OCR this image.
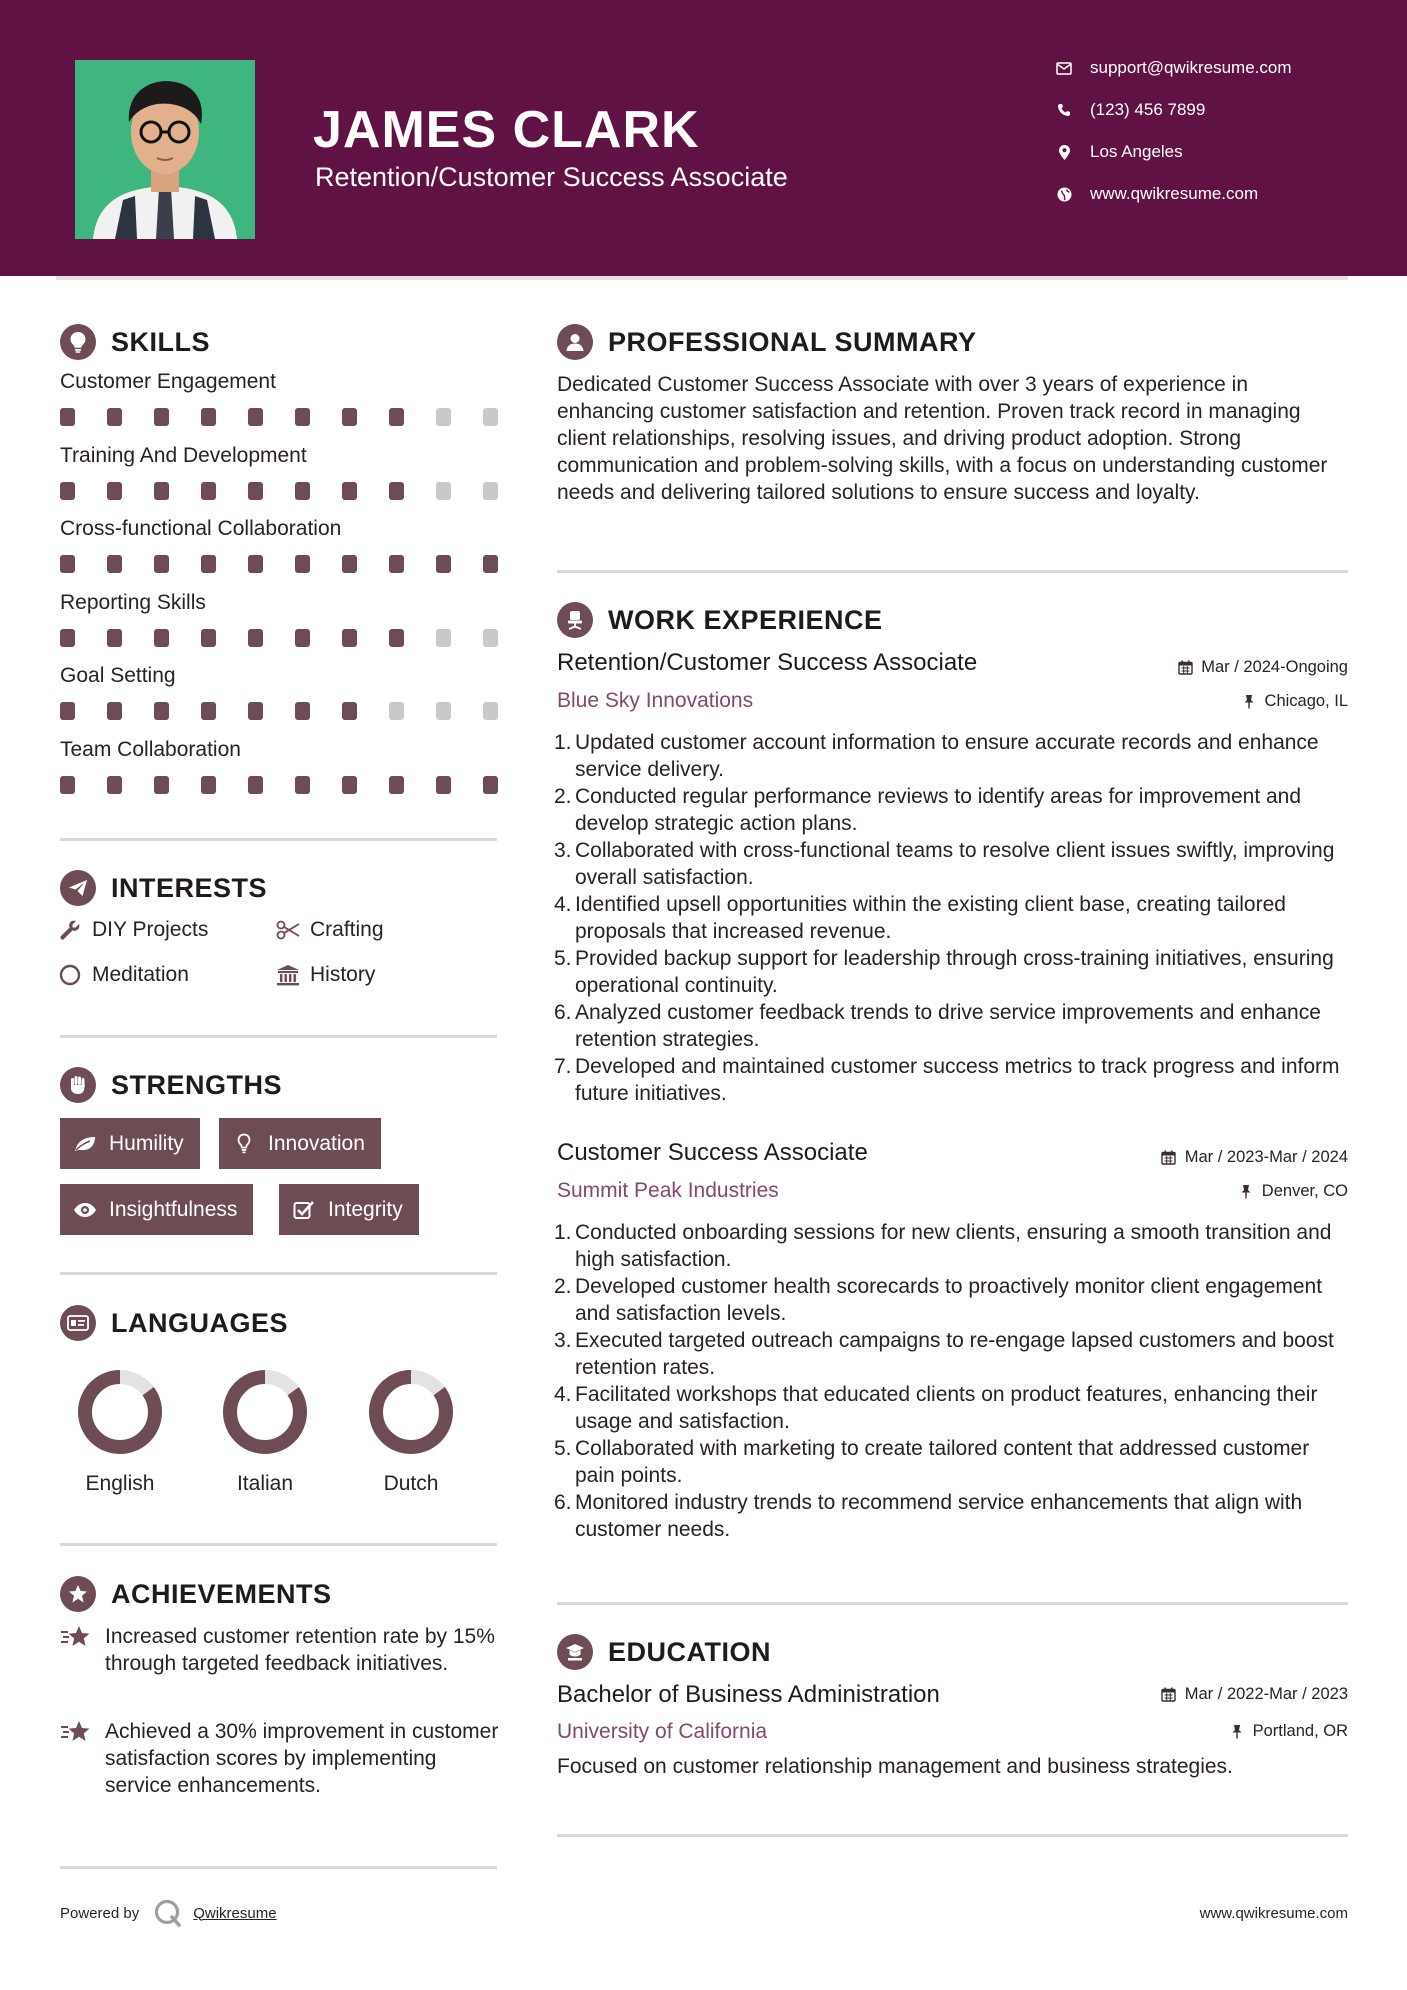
JAMES CLARK
Retention/Customer Success Associate
support@qwikresume.com
(123) 456 7899
Los Angeles
www.qwikresume.com
SKILLS
Customer Engagement
Training And Development
Cross-functional Collaboration
Reporting Skills
Goal Setting
Team Collaboration
INTERESTS
DIY Projects	Crafting
Meditation	History
STRENGTHS
Humility	Innovation
Insightfulness	Integrity
LANGUAGES
English	Italian	Dutch
ACHIEVEMENTS
Increased customer retention rate by 15% through targeted feedback initiatives.
Achieved a 30% improvement in customer satisfaction scores by implementing service enhancements.
PROFESSIONAL SUMMARY
Dedicated Customer Success Associate with over 3 years of experience in enhancing customer satisfaction and retention. Proven track record in managing client relationships, resolving issues, and driving product adoption. Strong communication and problem-solving skills, with a focus on understanding customer needs and delivering tailored solutions to ensure success and loyalty.
WORK EXPERIENCE
Retention/Customer Success Associate	Mar / 2024-Ongoing
Blue Sky Innovations	Chicago, IL
1. Updated customer account information to ensure accurate records and enhance service delivery.
2. Conducted regular performance reviews to identify areas for improvement and develop strategic action plans.
3. Collaborated with cross-functional teams to resolve client issues swiftly, improving overall satisfaction.
4. Identified upsell opportunities within the existing client base, creating tailored proposals that increased revenue.
5. Provided backup support for leadership through cross-training initiatives, ensuring operational continuity.
6. Analyzed customer feedback trends to drive service improvements and enhance retention strategies.
7. Developed and maintained customer success metrics to track progress and inform future initiatives.
Customer Success Associate	Mar / 2023-Mar / 2024
Summit Peak Industries	Denver, CO
1. Conducted onboarding sessions for new clients, ensuring a smooth transition and high satisfaction.
2. Developed customer health scorecards to proactively monitor client engagement and satisfaction levels.
3. Executed targeted outreach campaigns to re-engage lapsed customers and boost retention rates.
4. Facilitated workshops that educated clients on product features, enhancing their usage and satisfaction.
5. Collaborated with marketing to create tailored content that addressed customer pain points.
6. Monitored industry trends to recommend service enhancements that align with customer needs.
EDUCATION
Bachelor of Business Administration	Mar / 2022-Mar / 2023
University of California	Portland, OR
Focused on customer relationship management and business strategies.
Powered by	Qwikresume	www.qwikresume.com
